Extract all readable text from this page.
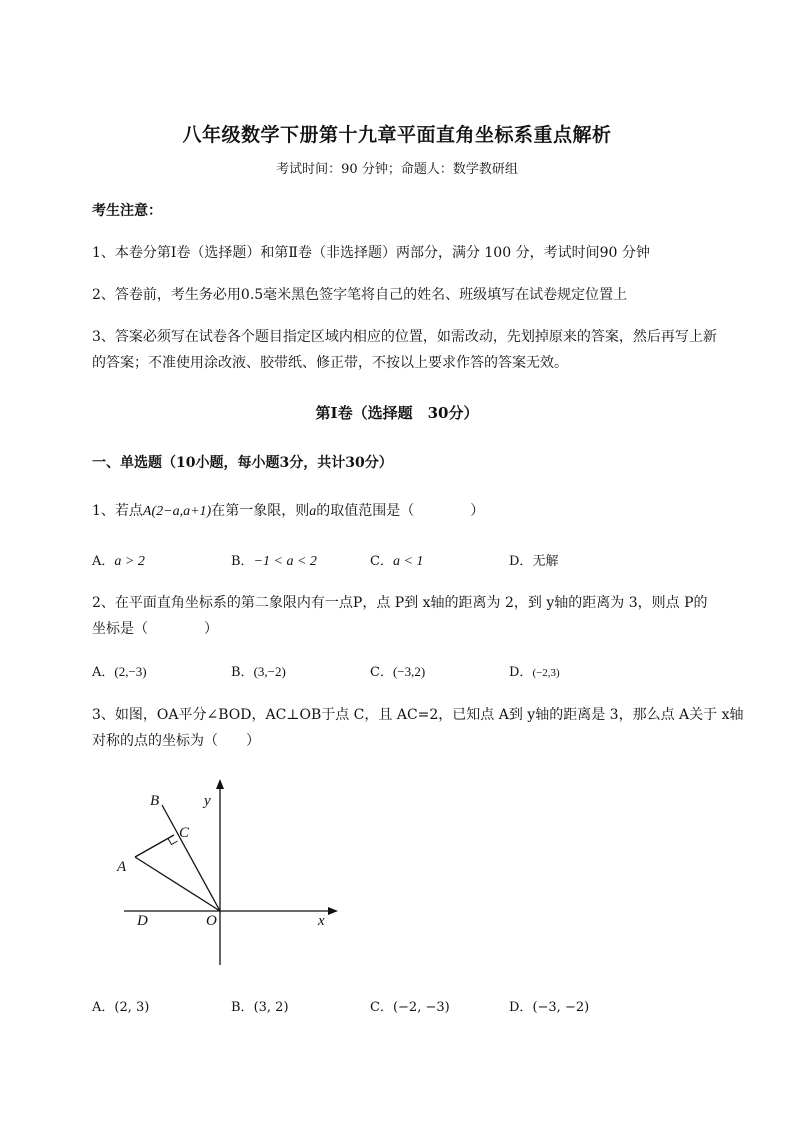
八年级数学下册第十九章平面直角坐标系重点解析
考试时间：90 分钟；命题人：数学教研组
考生注意：
1、本卷分第Ⅰ卷（选择题）和第Ⅱ卷（非选择题）两部分，满分 100 分，考试时间90 分钟
2、答卷前，考生务必用0.5毫米黑色签字笔将自己的姓名、班级填写在试卷规定位置上
3、答案必须写在试卷各个题目指定区域内相应的位置，如需改动，先划掉原来的答案，然后再写上新
的答案；不准使用涂改液、胶带纸、修正带，不按以上要求作答的答案无效。
第Ⅰ卷（选择题　30分）
一、单选题（10小题，每小题3分，共计30分）
1、若点A(2−a,a+1)在第一象限，则a的取值范围是（　　　　）
A．a > 2	B．−1 < a < 2	C．a < 1	D．无解
2、在平面直角坐标系的第二象限内有一点P，点 P到 x轴的距离为 2，到 y轴的距离为 3，则点 P的
坐标是（　　　　）
A．(2,−3)	B．(3,−2)	C．(−3,2)	D．(−2,3)
3、如图，OA平分∠BOD，AC⊥OB于点 C，且 AC=2，已知点 A到 y轴的距离是 3，那么点 A关于 x轴
对称的点的坐标为（　　）
B	y
C
A
D	O	x
A．(2, 3)	B．(3, 2)	C．(−2, −3)	D．(−3, −2)
